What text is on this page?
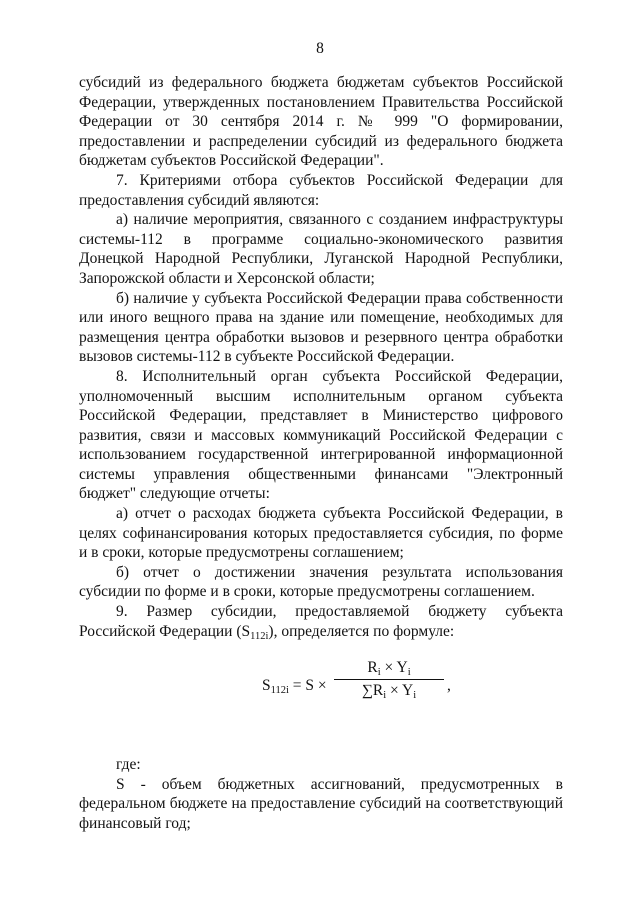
8

субсидий из федерального бюджета бюджетам субъектов Российской Федерации, утвержденных постановлением Правительства Российской Федерации от 30 сентября 2014 г. № 999 "О формировании, предоставлении и распределении субсидий из федерального бюджета бюджетам субъектов Российской Федерации".

7. Критериями отбора субъектов Российской Федерации для предоставления субсидий являются:

а) наличие мероприятия, связанного с созданием инфраструктуры системы-112 в программе социально-экономического развития Донецкой Народной Республики, Луганской Народной Республики, Запорожской области и Херсонской области;

б) наличие у субъекта Российской Федерации права собственности или иного вещного права на здание или помещение, необходимых для размещения центра обработки вызовов и резервного центра обработки вызовов системы-112 в субъекте Российской Федерации.

8. Исполнительный орган субъекта Российской Федерации, уполномоченный высшим исполнительным органом субъекта Российской Федерации, представляет в Министерство цифрового развития, связи и массовых коммуникаций Российской Федерации с использованием государственной интегрированной информационной системы управления общественными финансами "Электронный бюджет" следующие отчеты:

а) отчет о расходах бюджета субъекта Российской Федерации, в целях софинансирования которых предоставляется субсидия, по форме и в сроки, которые предусмотрены соглашением;

б) отчет о достижении значения результата использования субсидии по форме и в сроки, которые предусмотрены соглашением.

9. Размер субсидии, предоставляемой бюджету субъекта Российской Федерации $(S_{112i})$, определяется по формуле:

$S_{112i} = S \times \frac{R_i \times Y_i}{\sum R_i \times Y_i}$ ,

где:

S - объем бюджетных ассигнований, предусмотренных в федеральном бюджете на предоставление субсидий на соответствующий финансовый год;
